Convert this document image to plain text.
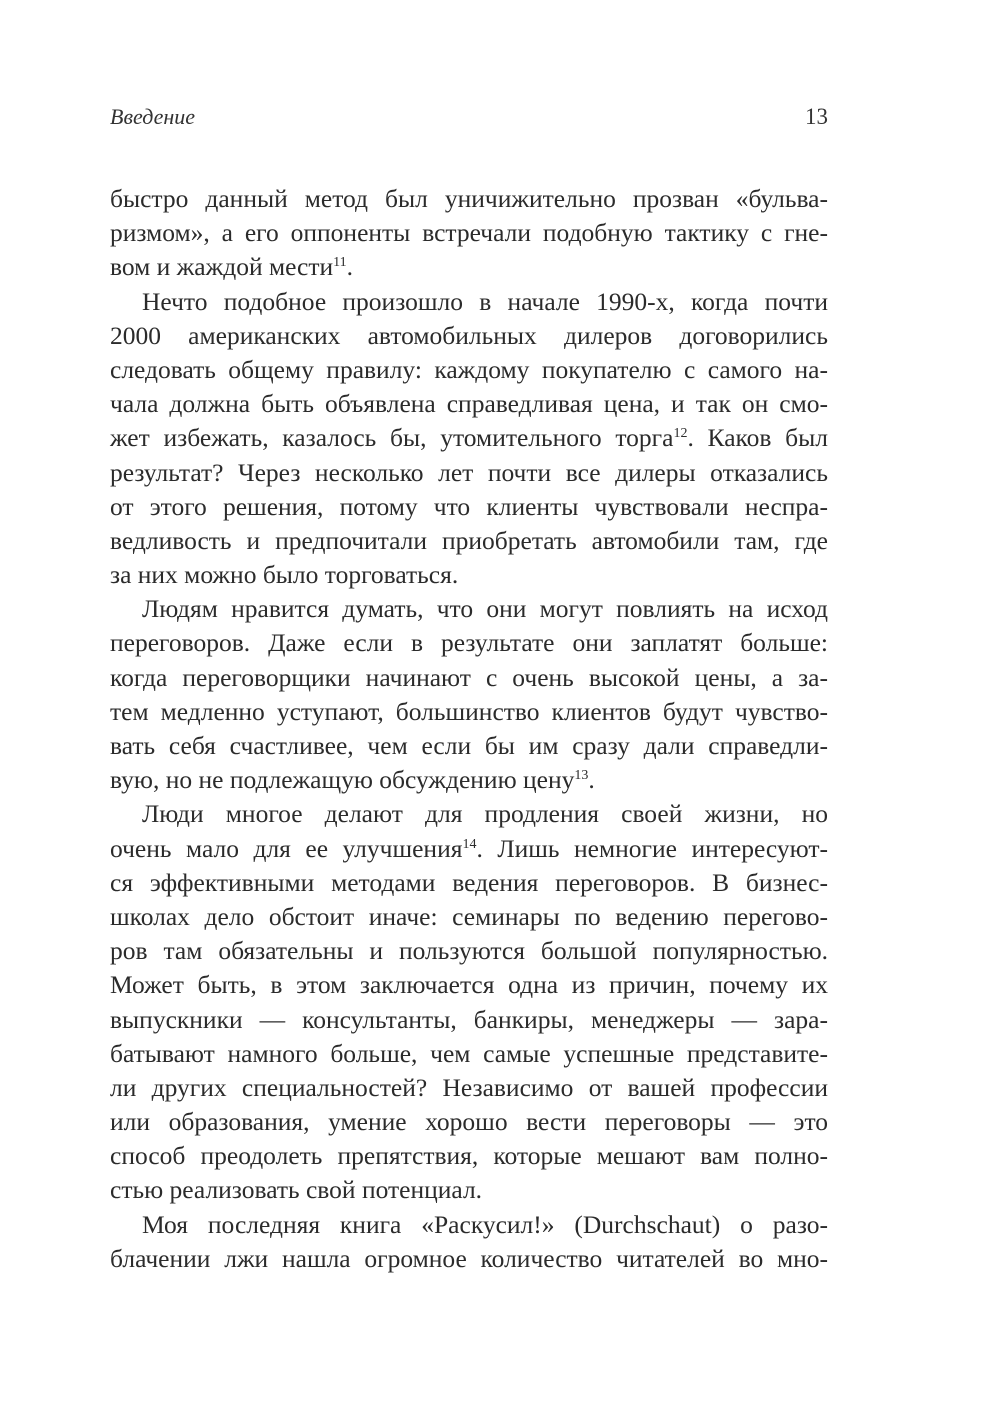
Введение	13
быстро данный метод был уничижительно прозван «бульва-
ризмом», а его оппоненты встречали подобную тактику с гне-
вом и жаждой мести$^{11}$.
Нечто подобное произошло в начале 1990-х, когда почти
2000 американских автомобильных дилеров договорились
следовать общему правилу: каждому покупателю с самого на-
чала должна быть объявлена справедливая цена, и так он смо-
жет избежать, казалось бы, утомительного торга$^{12}$. Каков был
результат? Через несколько лет почти все дилеры отказались
от этого решения, потому что клиенты чувствовали неспра-
ведливость и предпочитали приобретать автомобили там, где
за них можно было торговаться.
Людям нравится думать, что они могут повлиять на исход
переговоров. Даже если в результате они заплатят больше:
когда переговорщики начинают с очень высокой цены, а за-
тем медленно уступают, большинство клиентов будут чувство-
вать себя счастливее, чем если бы им сразу дали справедли-
вую, но не подлежащую обсуждению цену$^{13}$.
Люди многое делают для продления своей жизни, но
очень мало для ее улучшения$^{14}$. Лишь немногие интересуют-
ся эффективными методами ведения переговоров. В бизнес-
школах дело обстоит иначе: семинары по ведению перегово-
ров там обязательны и пользуются большой популярностью.
Может быть, в этом заключается одна из причин, почему их
выпускники — консультанты, банкиры, менеджеры — зара-
батывают намного больше, чем самые успешные представите-
ли других специальностей? Независимо от вашей профессии
или образования, умение хорошо вести переговоры — это
способ преодолеть препятствия, которые мешают вам полно-
стью реализовать свой потенциал.
Моя последняя книга «Раскусил!» (Durchschaut) о разо-
блачении лжи нашла огромное количество читателей во мно-
